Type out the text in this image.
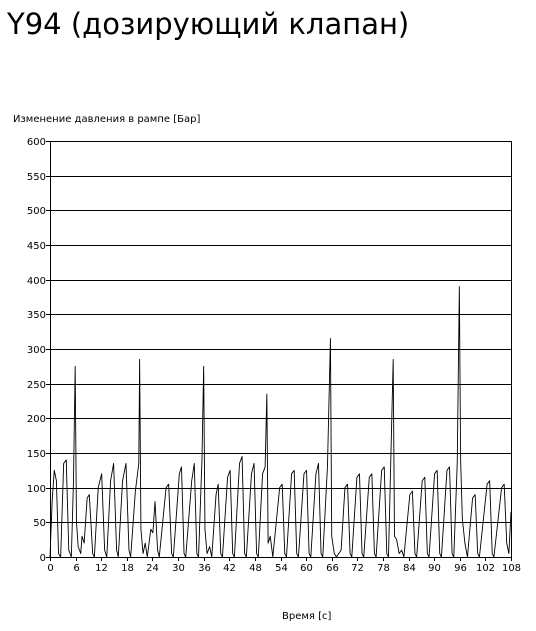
Y94 (дозирующий клапан)
Изменение давления в рампе [Бар]
Время [с]
0
50
100
150
200
250
300
350
400
450
500
550
600
0 6 12 18 24 30 36 42 48 54 60 66 72 78 84 90 96 102 108
